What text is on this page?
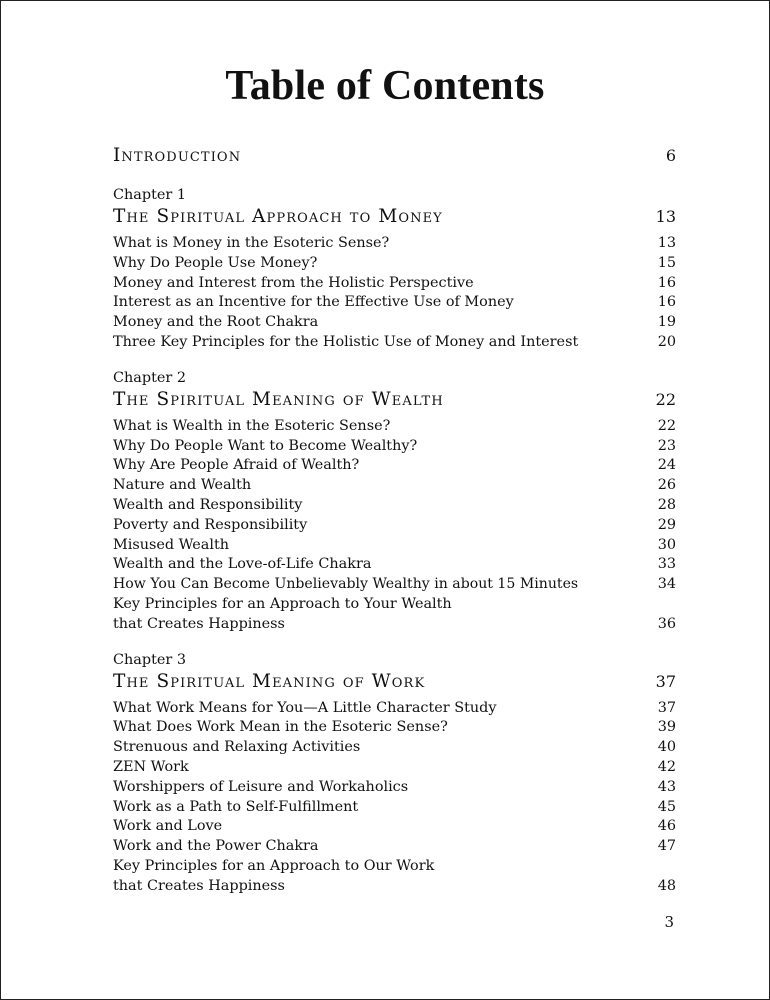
Table of Contents
Introduction	6
Chapter 1
The Spiritual Approach to Money	13
What is Money in the Esoteric Sense?	13
Why Do People Use Money?	15
Money and Interest from the Holistic Perspective	16
Interest as an Incentive for the Effective Use of Money	16
Money and the Root Chakra	19
Three Key Principles for the Holistic Use of Money and Interest	20
Chapter 2
The Spiritual Meaning of Wealth	22
What is Wealth in the Esoteric Sense?	22
Why Do People Want to Become Wealthy?	23
Why Are People Afraid of Wealth?	24
Nature and Wealth	26
Wealth and Responsibility	28
Poverty and Responsibility	29
Misused Wealth	30
Wealth and the Love-of-Life Chakra	33
How You Can Become Unbelievably Wealthy in about 15 Minutes	34
Key Principles for an Approach to Your Wealth
that Creates Happiness	36
Chapter 3
The Spiritual Meaning of Work	37
What Work Means for You—A Little Character Study	37
What Does Work Mean in the Esoteric Sense?	39
Strenuous and Relaxing Activities	40
ZEN Work	42
Worshippers of Leisure and Workaholics	43
Work as a Path to Self-Fulfillment	45
Work and Love	46
Work and the Power Chakra	47
Key Principles for an Approach to Our Work
that Creates Happiness	48
3
